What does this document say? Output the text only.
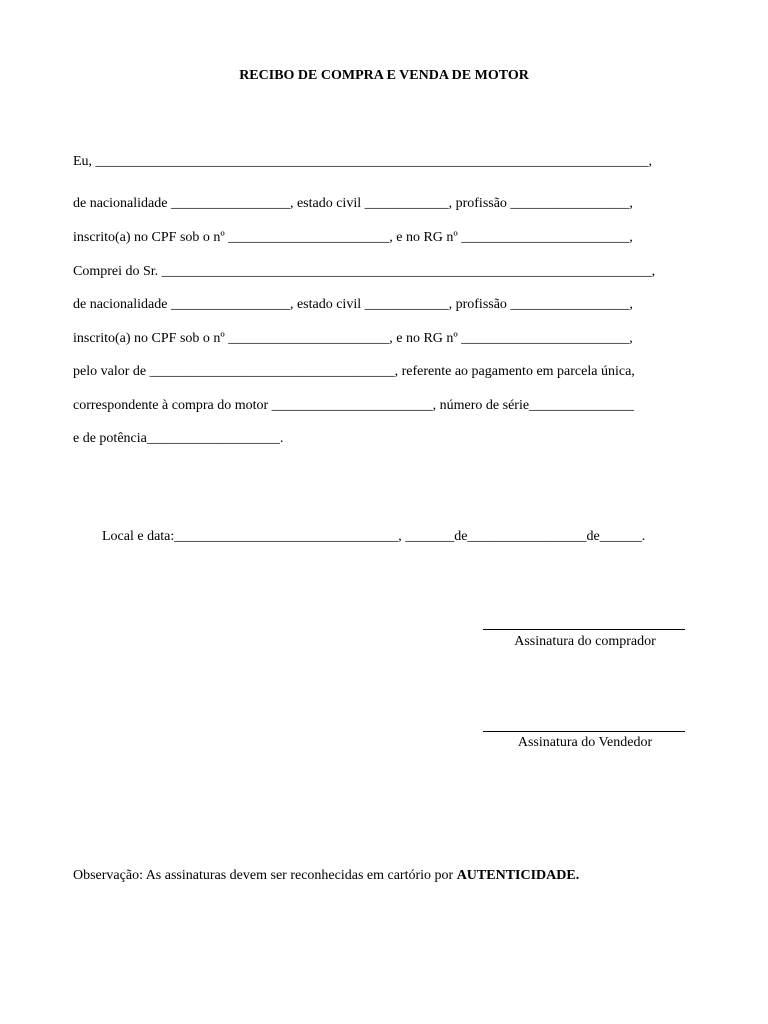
RECIBO DE COMPRA E VENDA DE MOTOR
Eu, _______________________________________________________________________________,
de nacionalidade _________________, estado civil ____________, profissão _________________,
inscrito(a) no CPF sob o nº _______________________, e no RG nº ________________________,
Comprei do Sr. ______________________________________________________________________,
de nacionalidade _________________, estado civil ____________, profissão _________________,
inscrito(a) no CPF sob o nº _______________________, e no RG nº ________________________,
pelo valor de ___________________________________, referente ao pagamento em parcela única,
correspondente à compra do motor _______________________, número de série_______________
e de potência___________________.
Local e data:________________________________, _______de_________________de______.
Assinatura do comprador
Assinatura do Vendedor
Observação: As assinaturas devem ser reconhecidas em cartório por AUTENTICIDADE.
